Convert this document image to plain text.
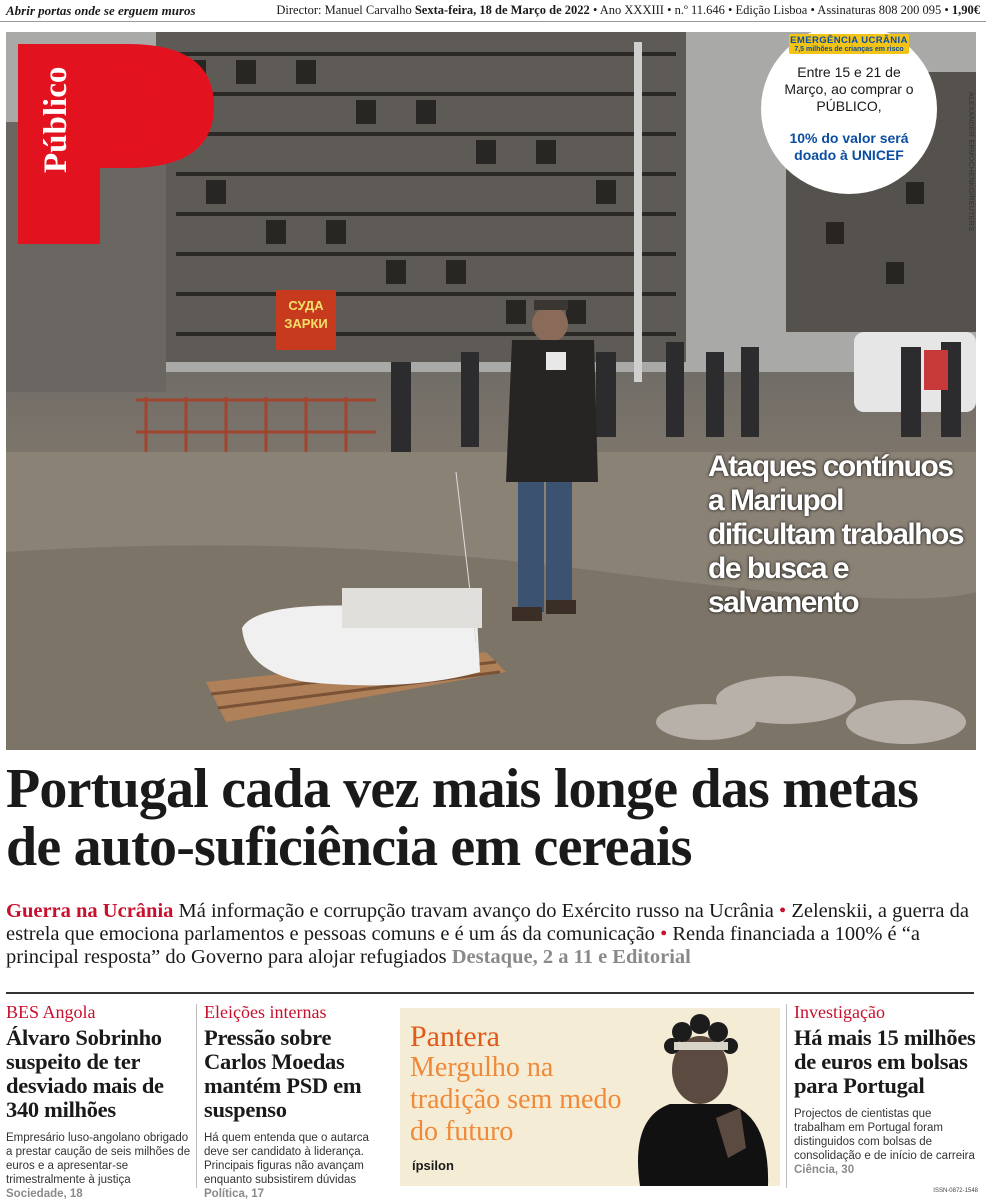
Abrir portas onde se erguem muros	Director: Manuel Carvalho Sexta-feira, 18 de Março de 2022 • Ano XXXIII • n.º 11.646 • Edição Lisboa • Assinaturas 808 200 095 • 1,90€
СУДА
ЗАРКИ
ALEXANDER ERMOCHENKO/REUTERS
Público
EMERGÊNCIA UCRÂNIA
7,5 milhões de crianças em risco
Entre 15 e 21 de Março, ao comprar o PÚBLICO,
10% do valor será doado à UNICEF
Ataques contínuos a Mariupol dificultam trabalhos de busca e salvamento
Portugal cada vez mais longe das metas de auto-suficiência em cereais
Guerra na Ucrânia Má informação e corrupção travam avanço do Exército russo na Ucrânia • Zelenskii, a guerra da estrela que emociona parlamentos e pessoas comuns e é um ás da comunicação • Renda financiada a 100% é “a principal resposta” do Governo para alojar refugiados Destaque, 2 a 11 e Editorial
BES Angola
Álvaro Sobrinho suspeito de ter desviado mais de 340 milhões
Empresário luso-angolano obrigado a prestar caução de seis milhões de euros e a apresentar-se trimestralmente à justiça Sociedade, 18
Eleições internas
Pressão sobre Carlos Moedas mantém PSD em suspenso
Há quem entenda que o autarca deve ser candidato à liderança. Principais figuras não avançam enquanto subsistirem dúvidas Política, 17
Pantera
Mergulho na tradição sem medo do futuro
ípsilon
Investigação
Há mais 15 milhões de euros em bolsas para Portugal
Projectos de cientistas que trabalham em Portugal foram distinguidos com bolsas de consolidação e de início de carreira Ciência, 30
ISSN-0872-1548
